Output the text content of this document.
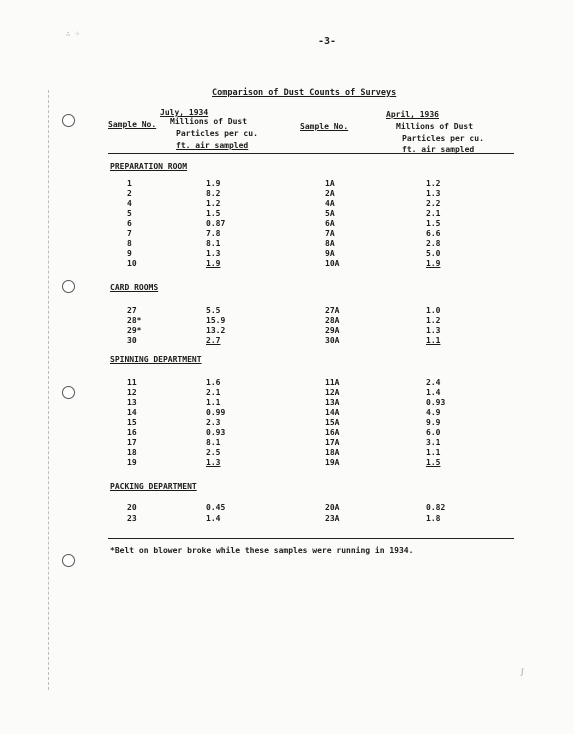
∴ ⁘
ʃ
-3-
Comparison of Dust Counts of Surveys
July, 1934
Sample No. Millions of Dust
Particles per cu.
ft. air sampled
Sample No.
April, 1936
Millions of Dust
Particles per cu.
ft. air sampled
PREPARATION ROOM
1	1.9	1A	1.2
2	8.2	2A	1.3
4	1.2	4A	2.2
5	1.5	5A	2.1
6	0.87	6A	1.5
7	7.8	7A	6.6
8	8.1	8A	2.8
9	1.3	9A	5.0
10	1.9	10A	1.9
CARD ROOMS
27	5.5	27A	1.0
28*	15.9	28A	1.2
29*	13.2	29A	1.3
30	2.7	30A	1.1
SPINNING DEPARTMENT
11	1.6	11A	2.4
12	2.1	12A	1.4
13	1.1	13A	0.93
14	0.99	14A	4.9
15	2.3	15A	9.9
16	0.93	16A	6.0
17	8.1	17A	3.1
18	2.5	18A	1.1
19	1.3	19A	1.5
PACKING DEPARTMENT
20	0.45	20A	0.82
23	1.4	23A	1.8
*Belt on blower broke while these samples were running in 1934.
